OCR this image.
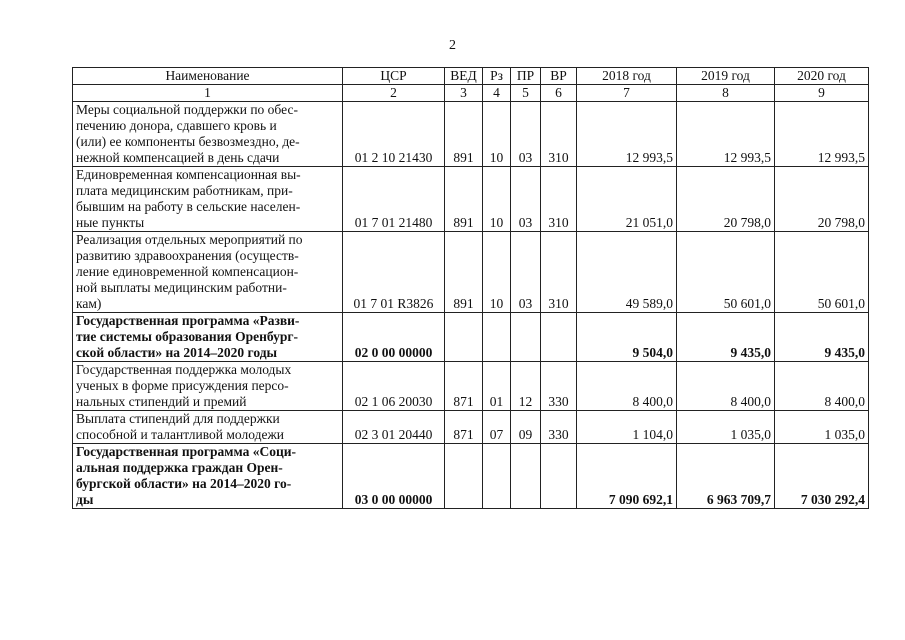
2
Наименование	ЦСР	ВЕД	Рз	ПР	ВР	2018 год	2019 год	2020 год
1	2	3	4	5	6	7	8	9

Меры социальной поддержки по обес-
печению донора, сдавшего кровь и
(или) ее компоненты безвозмездно, де-
нежной компенсацией в день сдачи	01 2 10 21430	891	10	03	310	12 993,5	12 993,5	12 993,5

Единовременная компенсационная вы-
плата медицинским работникам, при-
бывшим на работу в сельские населен-
ные пункты	01 7 01 21480	891	10	03	310	21 051,0	20 798,0	20 798,0

Реализация отдельных мероприятий по
развитию здравоохранения (осуществ-
ление единовременной компенсацион-
ной выплаты медицинским работни-
кам)	01 7 01 R3826	891	10	03	310	49 589,0	50 601,0	50 601,0

Государственная программа «Разви-
тие системы образования Оренбург-
ской области» на 2014–2020 годы	02 0 00 00000					9 504,0	9 435,0	9 435,0

Государственная поддержка молодых
ученых в форме присуждения персо-
нальных стипендий и премий	02 1 06 20030	871	01	12	330	8 400,0	8 400,0	8 400,0

Выплата стипендий для поддержки
способной и талантливой молодежи	02 3 01 20440	871	07	09	330	1 104,0	1 035,0	1 035,0

Государственная программа «Соци-
альная поддержка граждан Орен-
бургской области» на 2014–2020 го-
ды	03 0 00 00000					7 090 692,1	6 963 709,7	7 030 292,4
